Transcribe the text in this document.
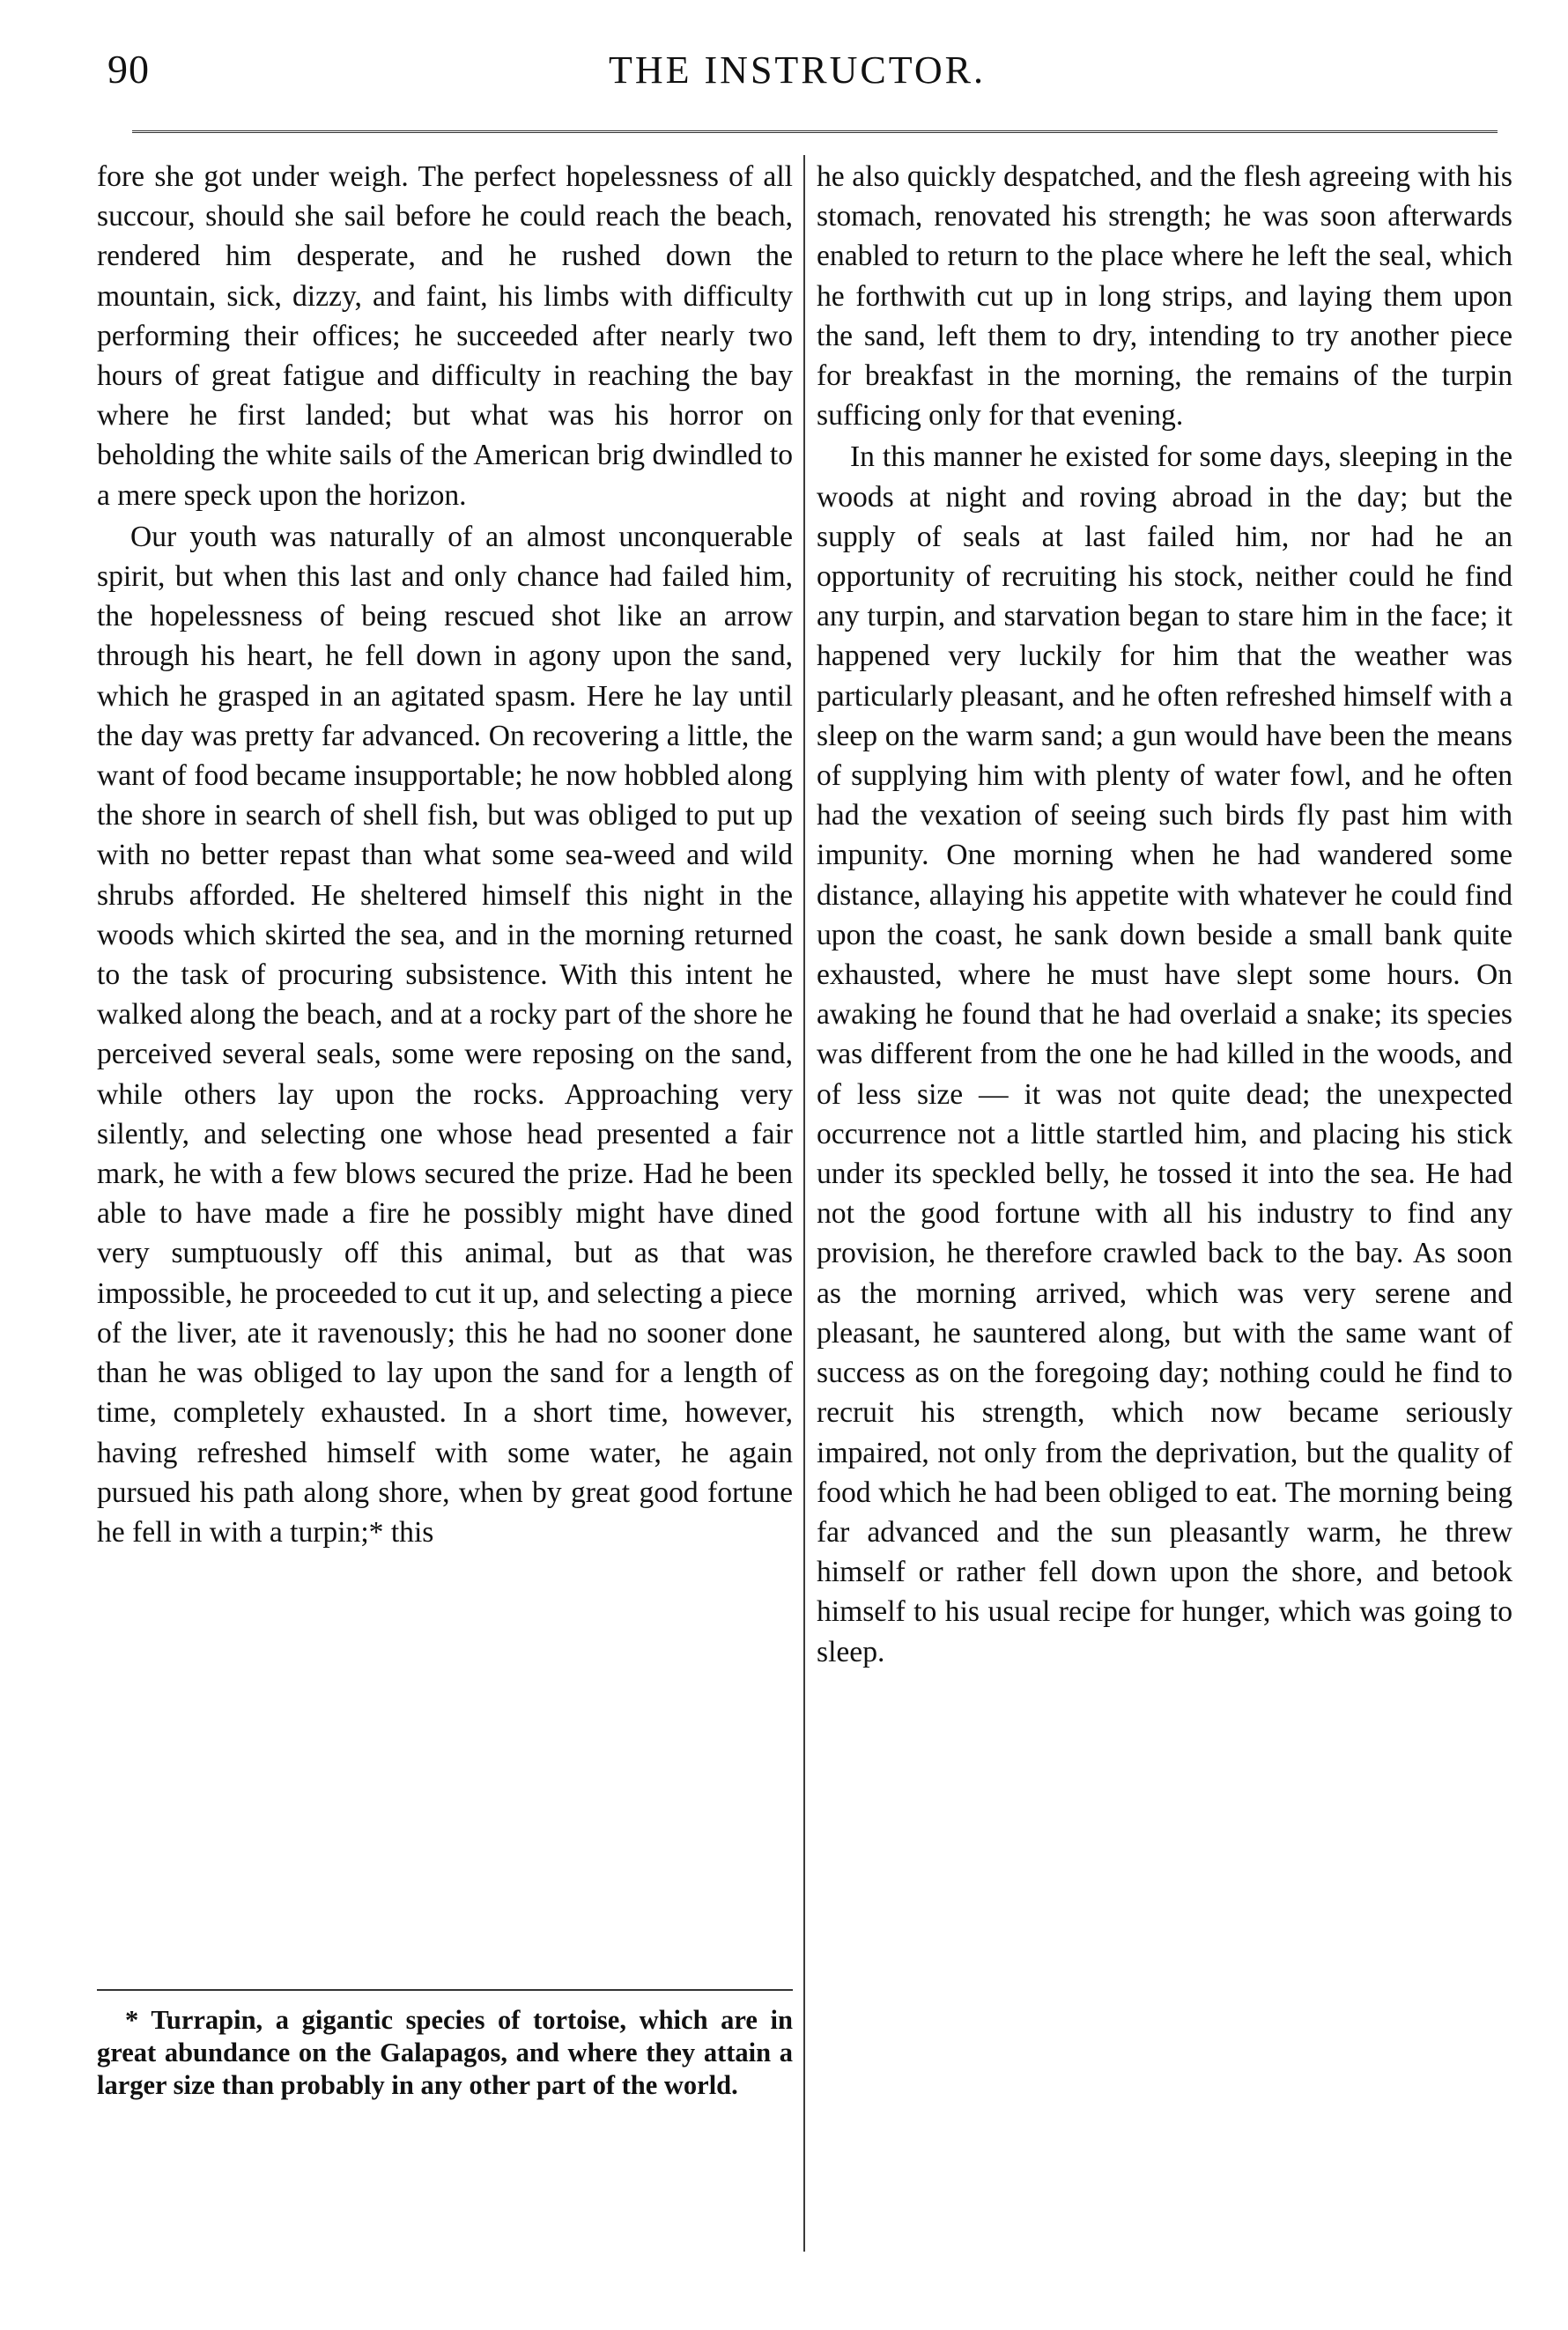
90	THE INSTRUCTOR.

fore she got under weigh. The perfect hopelessness of all succour, should she sail before he could reach the beach, rendered him desperate, and he rushed down the mountain, sick, dizzy, and faint, his limbs with difficulty performing their offices; he succeeded after nearly two hours of great fatigue and difficulty in reaching the bay where he first landed; but what was his horror on beholding the white sails of the American brig dwindled to a mere speck upon the horizon.

Our youth was naturally of an almost unconquerable spirit, but when this last and only chance had failed him, the hopelessness of being rescued shot like an arrow through his heart, he fell down in agony upon the sand, which he grasped in an agitated spasm. Here he lay until the day was pretty far advanced. On recovering a little, the want of food became insupportable; he now hobbled along the shore in search of shell fish, but was obliged to put up with no better repast than what some sea-weed and wild shrubs afforded. He sheltered himself this night in the woods which skirted the sea, and in the morning returned to the task of procuring subsistence. With this intent he walked along the beach, and at a rocky part of the shore he perceived several seals, some were reposing on the sand, while others lay upon the rocks. Approaching very silently, and selecting one whose head presented a fair mark, he with a few blows secured the prize. Had he been able to have made a fire he possibly might have dined very sumptuously off this animal, but as that was impossible, he proceeded to cut it up, and selecting a piece of the liver, ate it ravenously; this he had no sooner done than he was obliged to lay upon the sand for a length of time, completely exhausted. In a short time, however, having refreshed himself with some water, he again pursued his path along shore, when by great good fortune he fell in with a turpin;* this

* Turrapin, a gigantic species of tortoise, which are in great abundance on the Galapagos, and where they attain a larger size than probably in any other part of the world.

he also quickly despatched, and the flesh agreeing with his stomach, renovated his strength; he was soon afterwards enabled to return to the place where he left the seal, which he forthwith cut up in long strips, and laying them upon the sand, left them to dry, intending to try another piece for breakfast in the morning, the remains of the turpin sufficing only for that evening.

In this manner he existed for some days, sleeping in the woods at night and roving abroad in the day; but the supply of seals at last failed him, nor had he an opportunity of recruiting his stock, neither could he find any turpin, and starvation began to stare him in the face; it happened very luckily for him that the weather was particularly pleasant, and he often refreshed himself with a sleep on the warm sand; a gun would have been the means of supplying him with plenty of water fowl, and he often had the vexation of seeing such birds fly past him with impunity. One morning when he had wandered some distance, allaying his appetite with whatever he could find upon the coast, he sank down beside a small bank quite exhausted, where he must have slept some hours. On awaking he found that he had overlaid a snake; its species was different from the one he had killed in the woods, and of less size — it was not quite dead; the unexpected occurrence not a little startled him, and placing his stick under its speckled belly, he tossed it into the sea. He had not the good fortune with all his industry to find any provision, he therefore crawled back to the bay. As soon as the morning arrived, which was very serene and pleasant, he sauntered along, but with the same want of success as on the foregoing day; nothing could he find to recruit his strength, which now became seriously impaired, not only from the deprivation, but the quality of food which he had been obliged to eat. The morning being far advanced and the sun pleasantly warm, he threw himself or rather fell down upon the shore, and betook himself to his usual recipe for hunger, which was going to sleep.
